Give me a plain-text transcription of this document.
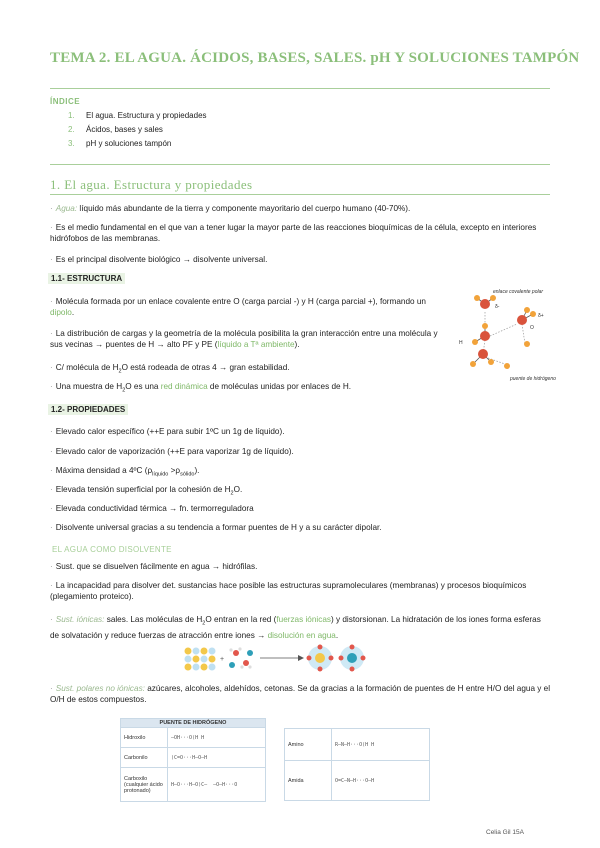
TEMA 2. EL AGUA. ÁCIDOS, BASES, SALES. pH Y SOLUCIONES TAMPÓN
ÍNDICE
1. El agua. Estructura y propiedades
2. Ácidos, bases y sales
3. pH y soluciones tampón
1. El agua. Estructura y propiedades
· Agua: líquido más abundante de la tierra y componente mayoritario del cuerpo humano (40-70%).
· Es el medio fundamental en el que van a tener lugar la mayor parte de las reacciones bioquímicas de la célula, excepto en interiores hidrófobos de las membranas.
· Es el principal disolvente biológico → disolvente universal.
1.1- ESTRUCTURA
· Molécula formada por un enlace covalente entre O (carga parcial -) y H (carga parcial +), formando un dipolo.
· La distribución de cargas y la geometría de la molécula posibilita la gran interacción entre una molécula y sus vecinas → puentes de H → alto PF y PE (líquido a Tª ambiente).
· C/ molécula de $H_2O$ está rodeada de otras 4 → gran estabilidad.
· Una muestra de $H_2O$ es una red dinámica de moléculas unidas por enlaces de H.
enlace covalente polar
puente de hidrógeno
δ-
δ+
H
O
1.2- PROPIEDADES
· Elevado calor específico (++E para subir 1ºC un 1g de líquido).
· Elevado calor de vaporización (++E para vaporizar 1g de líquido).
· Máxima densidad a 4ºC $(\rho_{líquido} >\rho_{sólido})$.
· Elevada tensión superficial por la cohesión de $H_2O$.
· Elevada conductividad térmica → fn. termorreguladora
· Disolvente universal gracias a su tendencia a formar puentes de H y a su carácter dipolar.
EL AGUA COMO DISOLVENTE
· Sust. que se disuelven fácilmente en agua → hidrófilas.
· La incapacidad para disolver det. sustancias hace posible las estructuras supramoleculares (membranas) y procesos bioquímicos (plegamiento proteico).
· Sust. iónicas: sales. Las moléculas de $H_2O$ entran en la red (fuerzas iónicas) y distorsionan. La hidratación de los iones forma esferas de solvatación y reduce fuerzas de atracción entre iones → disolución en agua.
+
· Sust. polares no iónicas: azúcares, alcoholes, aldehídos, cetonas. Se da gracias a la formación de puentes de H entre H/O del agua y el O/H de estos compuestos.
PUENTE DE HIDRÓGENO	
Hidroxilo	—OH···O⟨H H
Carbonilo	⟩C=O···H—O—H
Carboxilo (cualquier ácido protonado)	H—O···H—O⟩C—  —O—H···O
Amino	R—N—H···O⟨H H
Amida	O=C—N—H···O—H
Celia Gil 15A
